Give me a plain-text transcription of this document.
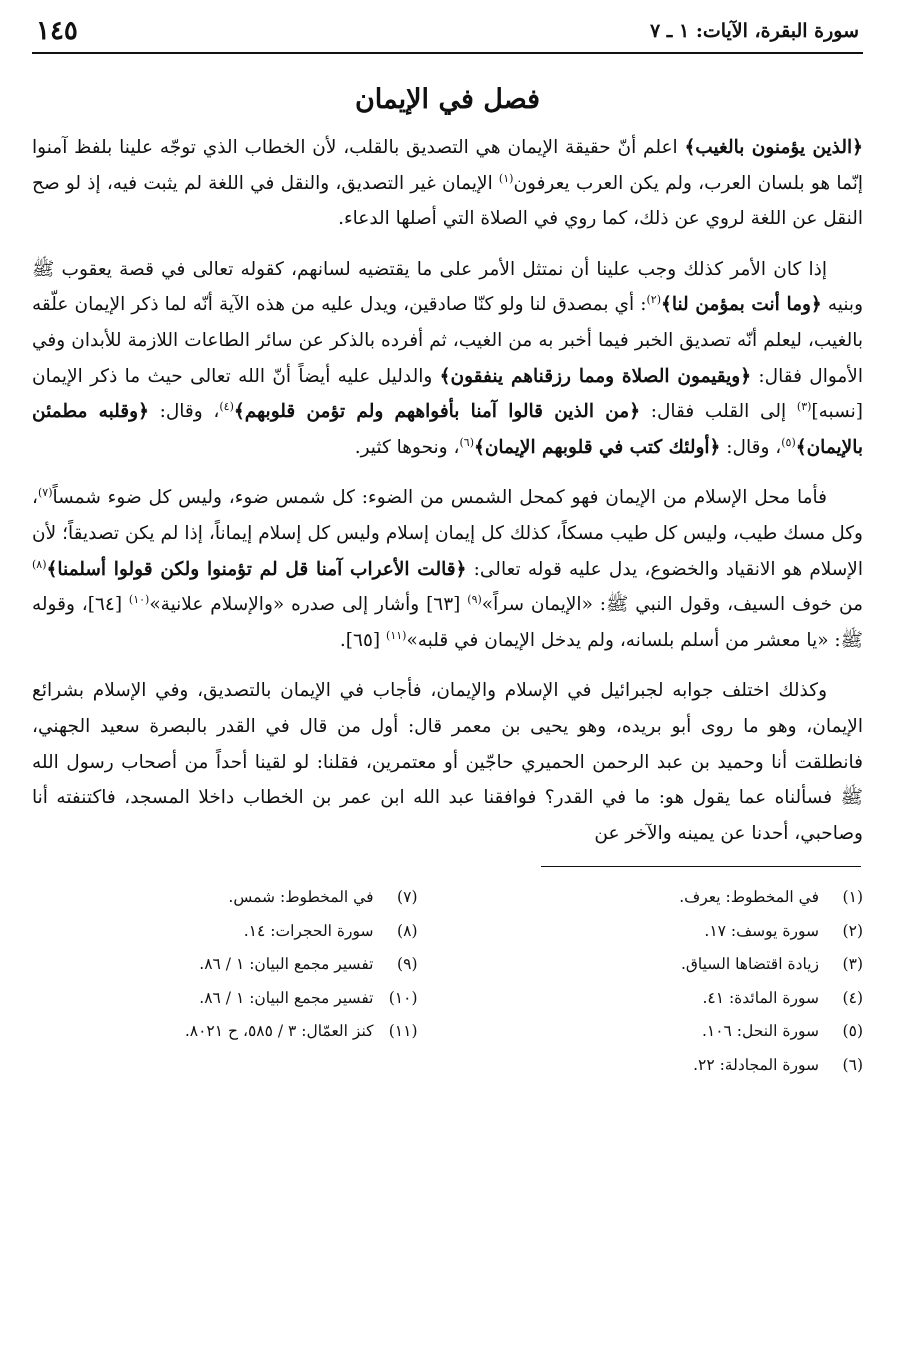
سورة البقرة، الآيات: ١ ـ ٧
١٤٥
فصل في الإيمان

﴿الذين يؤمنون بالغيب﴾ اعلم أنّ حقيقة الإيمان هي التصديق بالقلب، لأن الخطاب الذي توجّه علينا بلفظ آمنوا إنّما هو بلسان العرب، ولم يكن العرب يعرفون$^{(١)}$ الإيمان غير التصديق، والنقل في اللغة لم يثبت فيه، إذ لو صح النقل عن اللغة لروي عن ذلك، كما روي في الصلاة التي أصلها الدعاء.

إذا كان الأمر كذلك وجب علينا أن نمتثل الأمر على ما يقتضيه لسانهم، كقوله تعالى في قصة يعقوب ﷺ وبنيه ﴿وما أنت بمؤمن لنا﴾$^{(٢)}$: أي بمصدق لنا ولو كنّا صادقين، ويدل عليه من هذه الآية أنّه لما ذكر الإيمان علّقه بالغيب، ليعلم أنّه تصديق الخبر فيما أخبر به من الغيب، ثم أفرده بالذكر عن سائر الطاعات اللازمة للأبدان وفي الأموال فقال: ﴿ويقيمون الصلاة ومما رزقناهم ينفقون﴾ والدليل عليه أيضاً أنّ الله تعالى حيث ما ذكر الإيمان [نسبه]$^{(٣)}$ إلى القلب فقال: ﴿من الذين قالوا آمنا بأفواههم ولم تؤمن قلوبهم﴾$^{(٤)}$، وقال: ﴿وقلبه مطمئن بالإيمان﴾$^{(٥)}$، وقال: ﴿أولئك كتب في قلوبهم الإيمان﴾$^{(٦)}$، ونحوها كثير.

فأما محل الإسلام من الإيمان فهو كمحل الشمس من الضوء: كل شمس ضوء، وليس كل ضوء شمساً$^{(٧)}$، وكل مسك طيب، وليس كل طيب مسكاً، كذلك كل إيمان إسلام وليس كل إسلام إيماناً، إذا لم يكن تصديقاً؛ لأن الإسلام هو الانقياد والخضوع، يدل عليه قوله تعالى: ﴿قالت الأعراب آمنا قل لم تؤمنوا ولكن قولوا أسلمنا﴾$^{(٨)}$ من خوف السيف، وقول النبي ﷺ: «الإيمان سراً»$^{(٩)}$ [٦٣] وأشار إلى صدره «والإسلام علانية»$^{(١٠)}$ [٦٤]، وقوله ﷺ: «يا معشر من أسلم بلسانه، ولم يدخل الإيمان في قلبه»$^{(١١)}$ [٦٥].

وكذلك اختلف جوابه لجبرائيل في الإسلام والإيمان، فأجاب في الإيمان بالتصديق، وفي الإسلام بشرائع الإيمان، وهو ما روى أبو بريده، وهو يحيى بن معمر قال: أول من قال في القدر بالبصرة سعيد الجهني، فانطلقت أنا وحميد بن عبد الرحمن الحميري حاجّين أو معتمرين، فقلنا: لو لقينا أحداً من أصحاب رسول الله ﷺ فسألناه عما يقول هو: ما في القدر؟ فوافقنا عبد الله ابن عمر بن الخطاب داخلا المسجد، فاكتنفته أنا وصاحبي، أحدنا عن يمينه والآخر عن

(١)
في المخطوط: يعرف.
(٢)
سورة يوسف: ١٧.
(٣)
زيادة اقتضاها السياق.
(٤)
سورة المائدة: ٤١.
(٥)
سورة النحل: ١٠٦.
(٦)
سورة المجادلة: ٢٢.
(٧)
في المخطوط: شمس.
(٨)
سورة الحجرات: ١٤.
(٩)
تفسير مجمع البيان: ١ / ٨٦.
(١٠)
تفسير مجمع البيان: ١ / ٨٦.
(١١)
كنز العمّال: ٣ / ٥٨٥، ح ٨٠٢١.
